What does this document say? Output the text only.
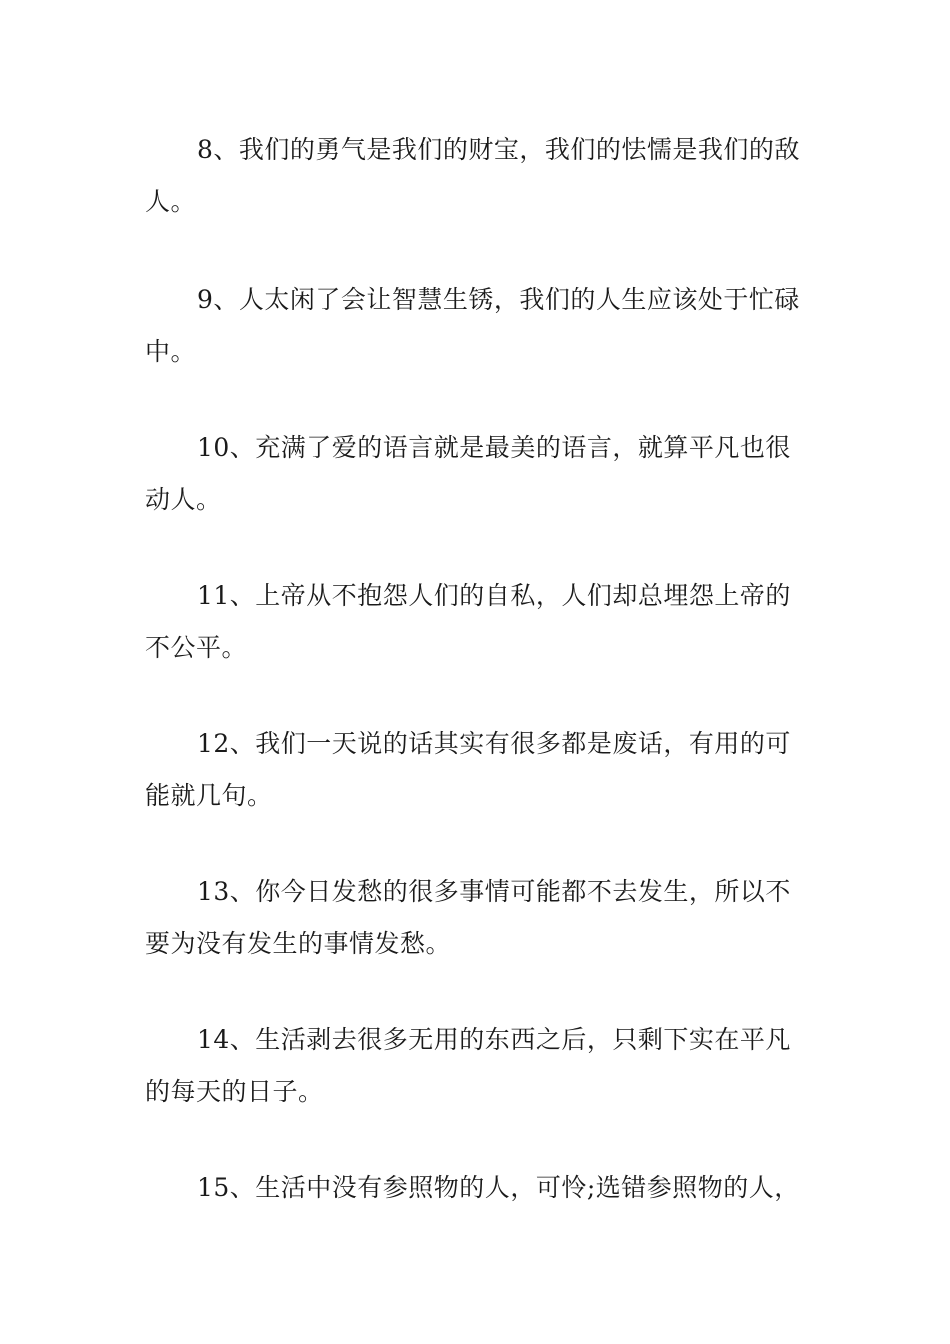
8、我们的勇气是我们的财宝，我们的怯懦是我们的敌人。

9、人太闲了会让智慧生锈，我们的人生应该处于忙碌中。

10、充满了爱的语言就是最美的语言，就算平凡也很动人。

11、上帝从不抱怨人们的自私，人们却总埋怨上帝的不公平。

12、我们一天说的话其实有很多都是废话，有用的可能就几句。

13、你今日发愁的很多事情可能都不去发生，所以不要为没有发生的事情发愁。

14、生活剥去很多无用的东西之后，只剩下实在平凡的每天的日子。

15、生活中没有参照物的人，可怜;选错参照物的人，
